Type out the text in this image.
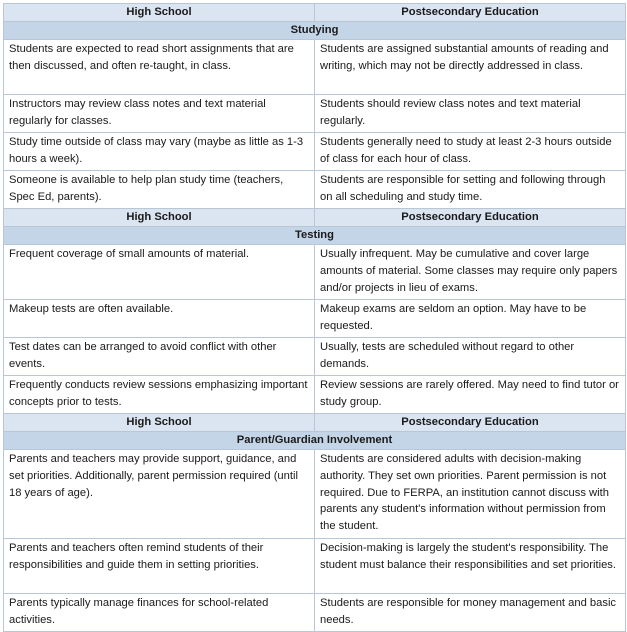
High School	Postsecondary Education
Studying	
Students are expected to read short assignments that are then discussed, and often re-taught, in class.	Students are assigned substantial amounts of reading and writing, which may not be directly addressed in class.
Instructors may review class notes and text material regularly for classes.	Students should review class notes and text material regularly.
Study time outside of class may vary (maybe as little as 1-3 hours a week).	Students generally need to study at least 2-3 hours outside of class for each hour of class.
Someone is available to help plan study time (teachers, Spec Ed, parents).	Students are responsible for setting and following through on all scheduling and study time.
High School	Postsecondary Education
Testing	
Frequent coverage of small amounts of material.	Usually infrequent. May be cumulative and cover large amounts of material. Some classes may require only papers and/or projects in lieu of exams.
Makeup tests are often available.	Makeup exams are seldom an option. May have to be requested.
Test dates can be arranged to avoid conflict with other events.	Usually, tests are scheduled without regard to other demands.
Frequently conducts review sessions emphasizing important concepts prior to tests.	Review sessions are rarely offered. May need to find tutor or study group.
High School	Postsecondary Education
Parent/Guardian Involvement	
Parents and teachers may provide support, guidance, and set priorities. Additionally, parent permission required (until 18 years of age).	Students are considered adults with decision-making authority. They set own priorities. Parent permission is not required. Due to FERPA, an institution cannot discuss with parents any student's information without permission from the student.
Parents and teachers often remind students of their responsibilities and guide them in setting priorities.	Decision-making is largely the student's responsibility. The student must balance their responsibilities and set priorities.
Parents typically manage finances for school-related activities.	Students are responsible for money management and basic needs.
